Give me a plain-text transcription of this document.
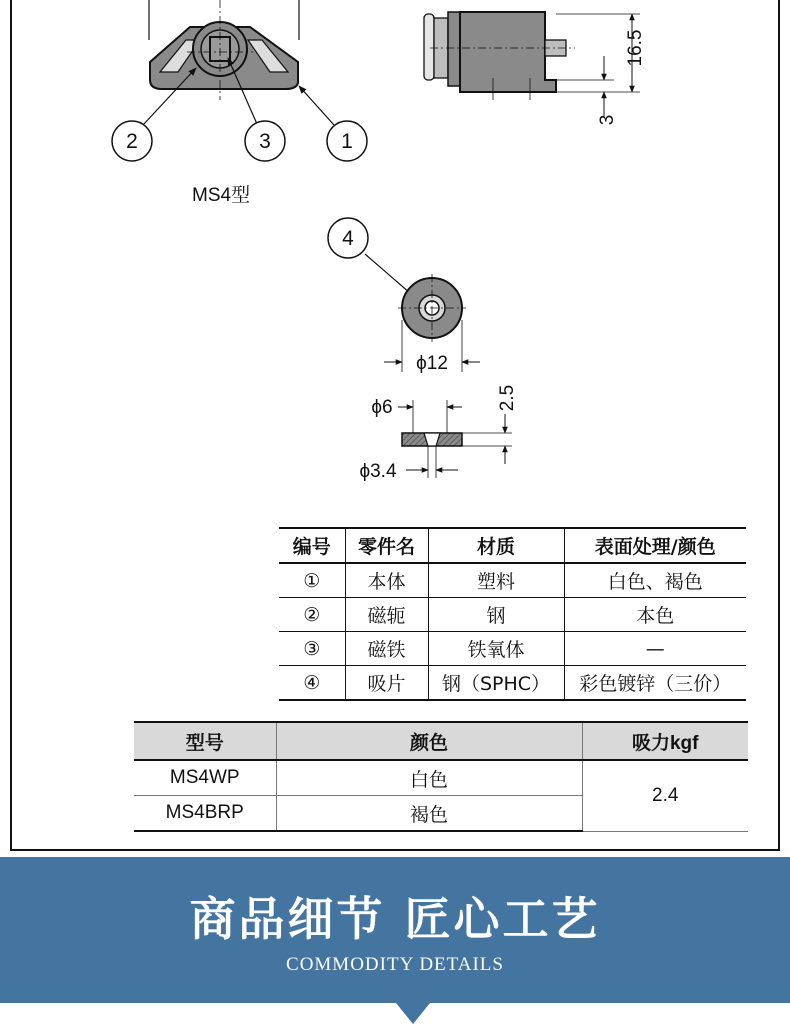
2	3	1
4
16.5
3
ϕ12
ϕ6	2.5
ϕ3.4
MS4型
编号	零件名	材质	表面处理/颜色
①	本体	塑料	白色、褐色
②	磁轭	钢	本色
③	磁铁	铁氧体	—
④	吸片	钢（SPHC）	彩色镀锌（三价）
型号	颜色	吸力kgf
MS4WP	白色	2.4
MS4BRP	褐色	
商品细节 匠心工艺
COMMODITY DETAILS
